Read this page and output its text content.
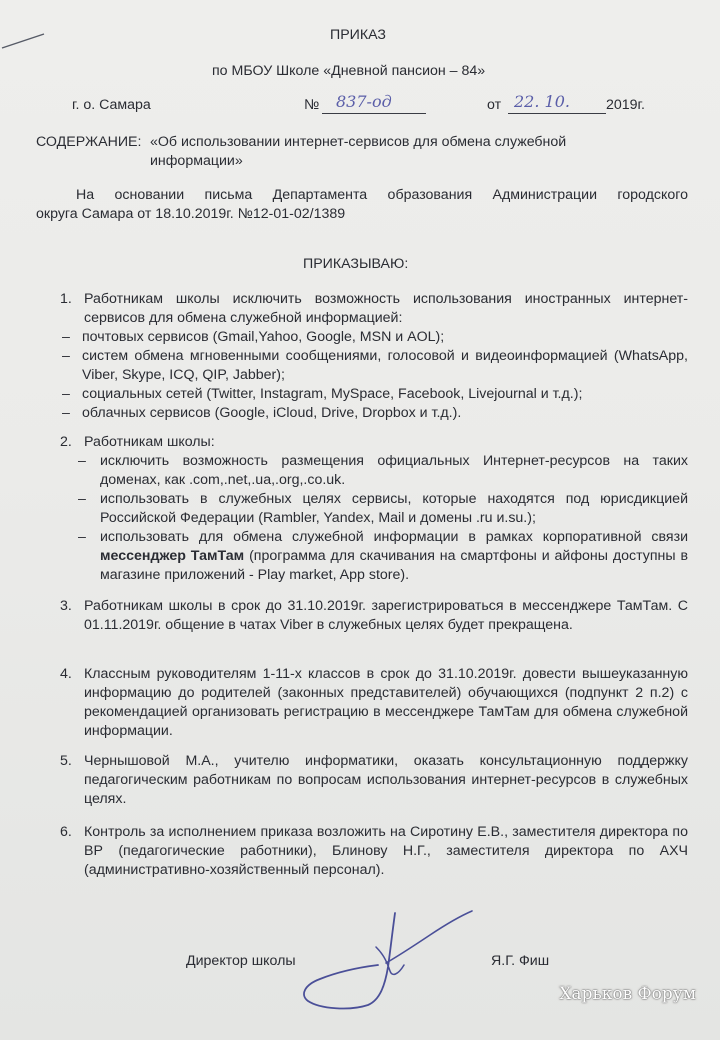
ПРИКАЗ
по МБОУ Школе «Дневной пансион – 84»
г. о. Самара	№ 837-од	от 22. 10.	2019г.
СОДЕРЖАНИЕ: «Об использовании интернет-сервисов для обмена служебной
информации»
На основании письма Департамента образования Администрации городского
округа Самара от 18.10.2019г. №12-01-02/1389
ПРИКАЗЫВАЮ:
1. Работникам школы исключить возможность использования иностранных интернет-сервисов для обмена служебной информацией:
– почтовых сервисов (Gmail,Yahoo, Google, MSN и AOL);
– систем обмена мгновенными сообщениями, голосовой и видеоинформацией (WhatsApp, Viber, Skype, ICQ, QIP, Jabber);
– социальных сетей (Twitter, Instagram, MySpace, Facebook, Livejournal и т.д.);
– облачных сервисов (Google, iCloud, Drive, Dropbox и т.д.).
2. Работникам школы:
– исключить возможность размещения официальных Интернет-ресурсов на таких доменах, как .com,.net,.ua,.org,.co.uk.
– использовать в служебных целях сервисы, которые находятся под юрисдикцией Российской Федерации (Rambler, Yandex, Mail и домены .ru и.su.);
– использовать для обмена служебной информации в рамках корпоративной связи мессенджер ТамТам (программа для скачивания на смартфоны и айфоны доступны в магазине приложений - Play market, App store).
3. Работникам школы в срок до 31.10.2019г. зарегистрироваться в мессенджере ТамТам. С 01.11.2019г. общение в чатах Viber в служебных целях будет прекращена.
4. Классным руководителям 1-11-х классов в срок до 31.10.2019г. довести вышеуказанную информацию до родителей (законных представителей) обучающихся (подпункт 2 п.2) с рекомендацией организовать регистрацию в мессенджере ТамТам для обмена служебной информации.
5. Чернышовой М.А., учителю информатики, оказать консультационную поддержку педагогическим работникам по вопросам использования интернет-ресурсов в служебных целях.
6. Контроль за исполнением приказа возложить на Сиротину Е.В., заместителя директора по ВР (педагогические работники), Блинову Н.Г., заместителя директора по АХЧ (административно-хозяйственный персонал).
Директор школы	Я.Г. Фиш
Харьков Форум
